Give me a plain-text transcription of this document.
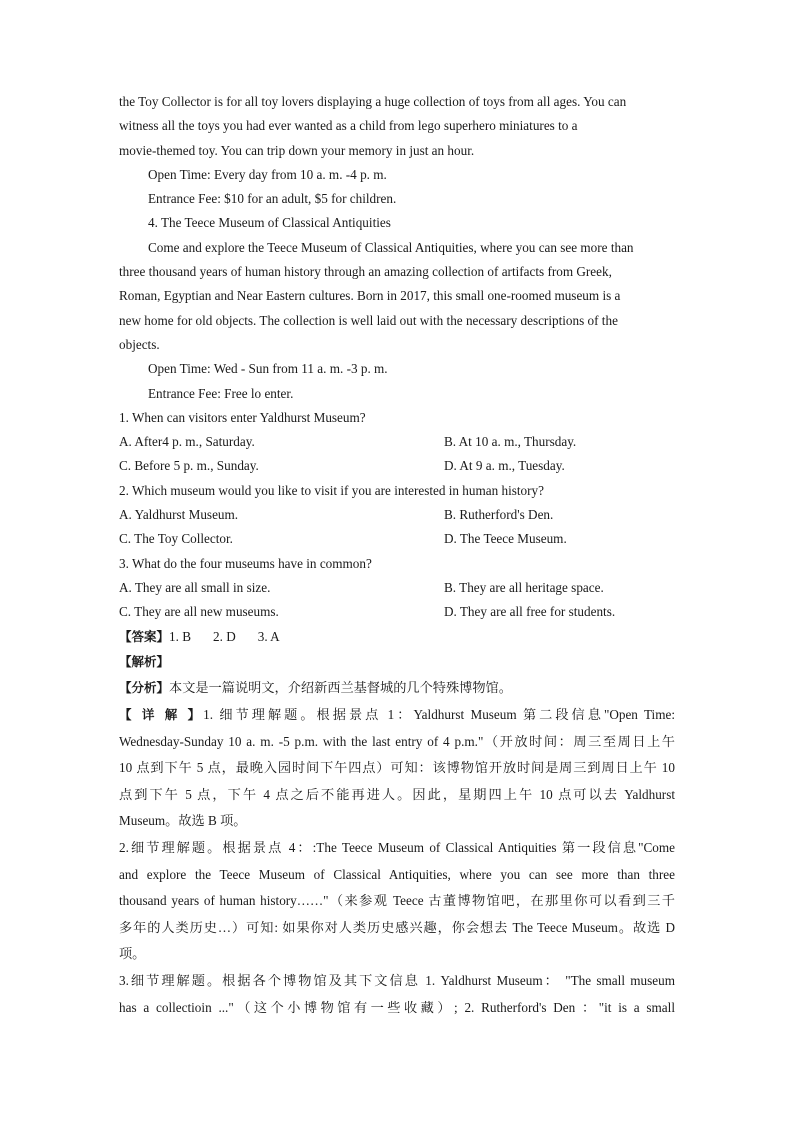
the Toy Collector is for all toy lovers displaying a huge collection of toys from all ages. You can
witness all the toys you had ever wanted as a child from lego superhero miniatures to a
movie-themed toy. You can trip down your memory in just an hour.
Open Time: Every day from 10 a. m. -4 p. m.
Entrance Fee: $10 for an adult, $5 for children.
4. The Teece Museum of Classical Antiquities
Come and explore the Teece Museum of Classical Antiquities, where you can see more than
three thousand years of human history through an amazing collection of artifacts from Greek,
Roman, Egyptian and Near Eastern cultures. Born in 2017, this small one-roomed museum is a
new home for old objects. The collection is well laid out with the necessary descriptions of the
objects.
Open Time: Wed - Sun from 11 a. m. -3 p. m.
Entrance Fee: Free lo enter.
1. When can visitors enter Yaldhurst Museum?
A. After4 p. m., Saturday.	B. At 10 a. m., Thursday.
C. Before 5 p. m., Sunday.	D. At 9 a. m., Tuesday.
2. Which museum would you like to visit if you are interested in human history?
A. Yaldhurst Museum.	B. Rutherford's Den.
C. The Toy Collector.	D. The Teece Museum.
3. What do the four museums have in common?
A. They are all small in size.	B. They are all heritage space.
C. They are all new museums.	D. They are all free for students.
【答案】1. B 2. D 3. A
【解析】
【分析】本文是一篇说明文，介绍新西兰基督城的几个特殊博物馆。
【 详 解 】1. 细节理解题。根据景点 1：Yaldhurst Museum 第二段信息"Open Time:
Wednesday-Sunday 10 a. m. -5 p.m. with the last entry of 4 p.m."（开放时间：周三至周日上午
10 点到下午 5 点，最晚入园时间下午四点）可知：该博物馆开放时间是周三到周日上午 10
点到下午 5 点，下午 4 点之后不能再进人。因此，星期四上午 10 点可以去 Yaldhurst
Museum。故选 B 项。
2.细节理解题。根据景点 4：:The Teece Museum of Classical Antiquities 第一段信息"Come
and explore the Teece Museum of Classical Antiquities, where you can see more than three
thousand years of human history……"（来参观 Teece 古董博物馆吧，在那里你可以看到三千
多年的人类历史…）可知: 如果你对人类历史感兴趣，你会想去 The Teece Museum。故选 D
项。
3.细节理解题。根据各个博物馆及其下文信息 1. Yaldhurst Museum： "The small museum
has a collectioin ..."（这个小博物馆有一些收藏）; 2. Rutherford's Den ："it is a small
